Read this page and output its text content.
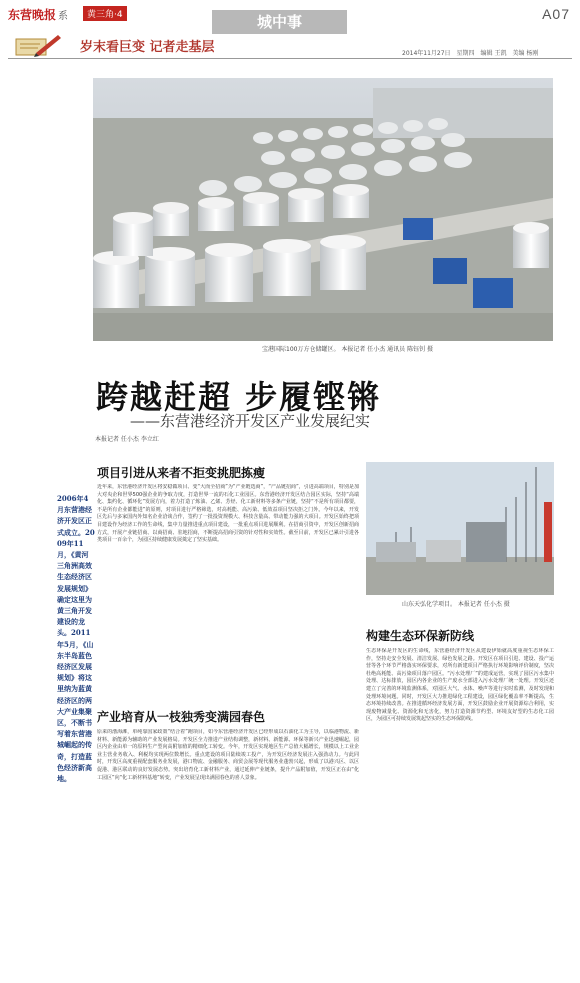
东营晚报 系	黄三角·4	城中事	A07
岁末看巨变 记者走基层	2014年11月27日　星期四　编辑 王凯　美编 杨刚
宝港国际100万方仓储罐区。 本报记者 任小杰 通讯员 陈钰钊 摄
跨越赶超 步履铿锵
——东营港经济开发区产业发展纪实
本报记者 任小杰 李立红
2006年4月东营港经济开发区正式成立。2009年11月，《黄河三角洲高效生态经济区发展规划》确定这里为黄三角开发建设的龙头。2011年5月，《山东半岛蓝色经济区发展规划》将这里纳为蓝黄经济区的两大产业集聚区，不断书写着东营港城崛起的传奇，打造蓝色经济新高地。
项目引进从来者不拒变挑肥拣瘦
近年来，东营港经济开发区将安稳做项目、变“大而全招商”为“产业链选商”，“产品链招商”，引进高端项目，特别是加大对央企和世界500强企业的争取力度，打造世界一流的石化工业园区。东营港经济开发区结合园区实际，坚持“高端化、集约化、循环化”发展方向，着力打造了炼油、乙烯、芳烃、化工新材料等多条产业链，坚持“不是所有项目都要，不是所有企业都能进”的原则，对项目进行严格筛选，对高耗能、高污染、低效益项目坚决拒之门外。今年以来，开发区先后与多家国内外知名企业洽谈合作，签约了一批投资规模大、科技含量高、带动能力强的大项目。开发区始终把项目建设作为经济工作的生命线，集中力量推进重点项目建设，一批重点项目进展顺利。在招商引资中，开发区创新招商方式，开展产业链招商、以商招商、驻地招商，不断提高招商引资的针对性和实效性。截至目前，开发区已累计引进各类项目一百余个，为园区持续健康发展奠定了坚实基础。
产业培育从一枝独秀变满园春色
原来的渤海滩，单纯靠国家政策“结合着”跑项目，如今东营港经济开发区已经形成以石油化工为主导，以临港物流、新材料、新能源为辅助的产业发展格局。开发区全力推进产业结构调整，新材料、新能源、环保等新兴产业迅速崛起，园区内企业由单一的原料生产型向高附加值的精细化工转变。今年，开发区实现地区生产总值大幅增长，规模以上工业企业主营业务收入、利税均实现两位数增长。重点建设的项目陆续竣工投产，为开发区经济发展注入强劲动力。与此同时，开发区高度重视配套服务业发展，港口物流、金融服务、商贸会展等现代服务业蓬勃兴起，形成了以港兴区、以区促港、港区联动的良好发展态势。突出培育化工新材料产业，通过延伸产业链条，提升产品附加值，开发区正在由“化工园区”向“化工新材料基地”转变，产业发展呈现出满园春色的喜人景象。
山东天弘化学项目。 本报记者 任小杰 摄
构建生态环保新防线
生态环保是开发区的生命线，东营港经济开发区从建设伊始就高度重视生态环保工作，坚持走安全发展、清洁发展、绿色发展之路。开发区在项目引进、建设、投产运营等各个环节严格落实环保要求，对所有新建项目严格执行环境影响评价制度，坚决杜绝高耗能、高污染项目落户园区。“污水处理厂”的建成运营，实现了园区污水集中处理、达标排放，园区内各企业的生产废水全部进入污水处理厂统一处理。开发区还建立了完善的环境监测体系，对园区大气、水体、噪声等进行实时监测，及时发现和处理环境问题。同时，开发区大力推进绿化工程建设，园区绿化覆盖率不断提高，生态环境持续改善。在推进循环经济发展方面，开发区鼓励企业开展资源综合利用，实现废物减量化、资源化和无害化，努力打造资源节约型、环境友好型的生态化工园区，为园区可持续发展筑起坚实的生态环保防线。
